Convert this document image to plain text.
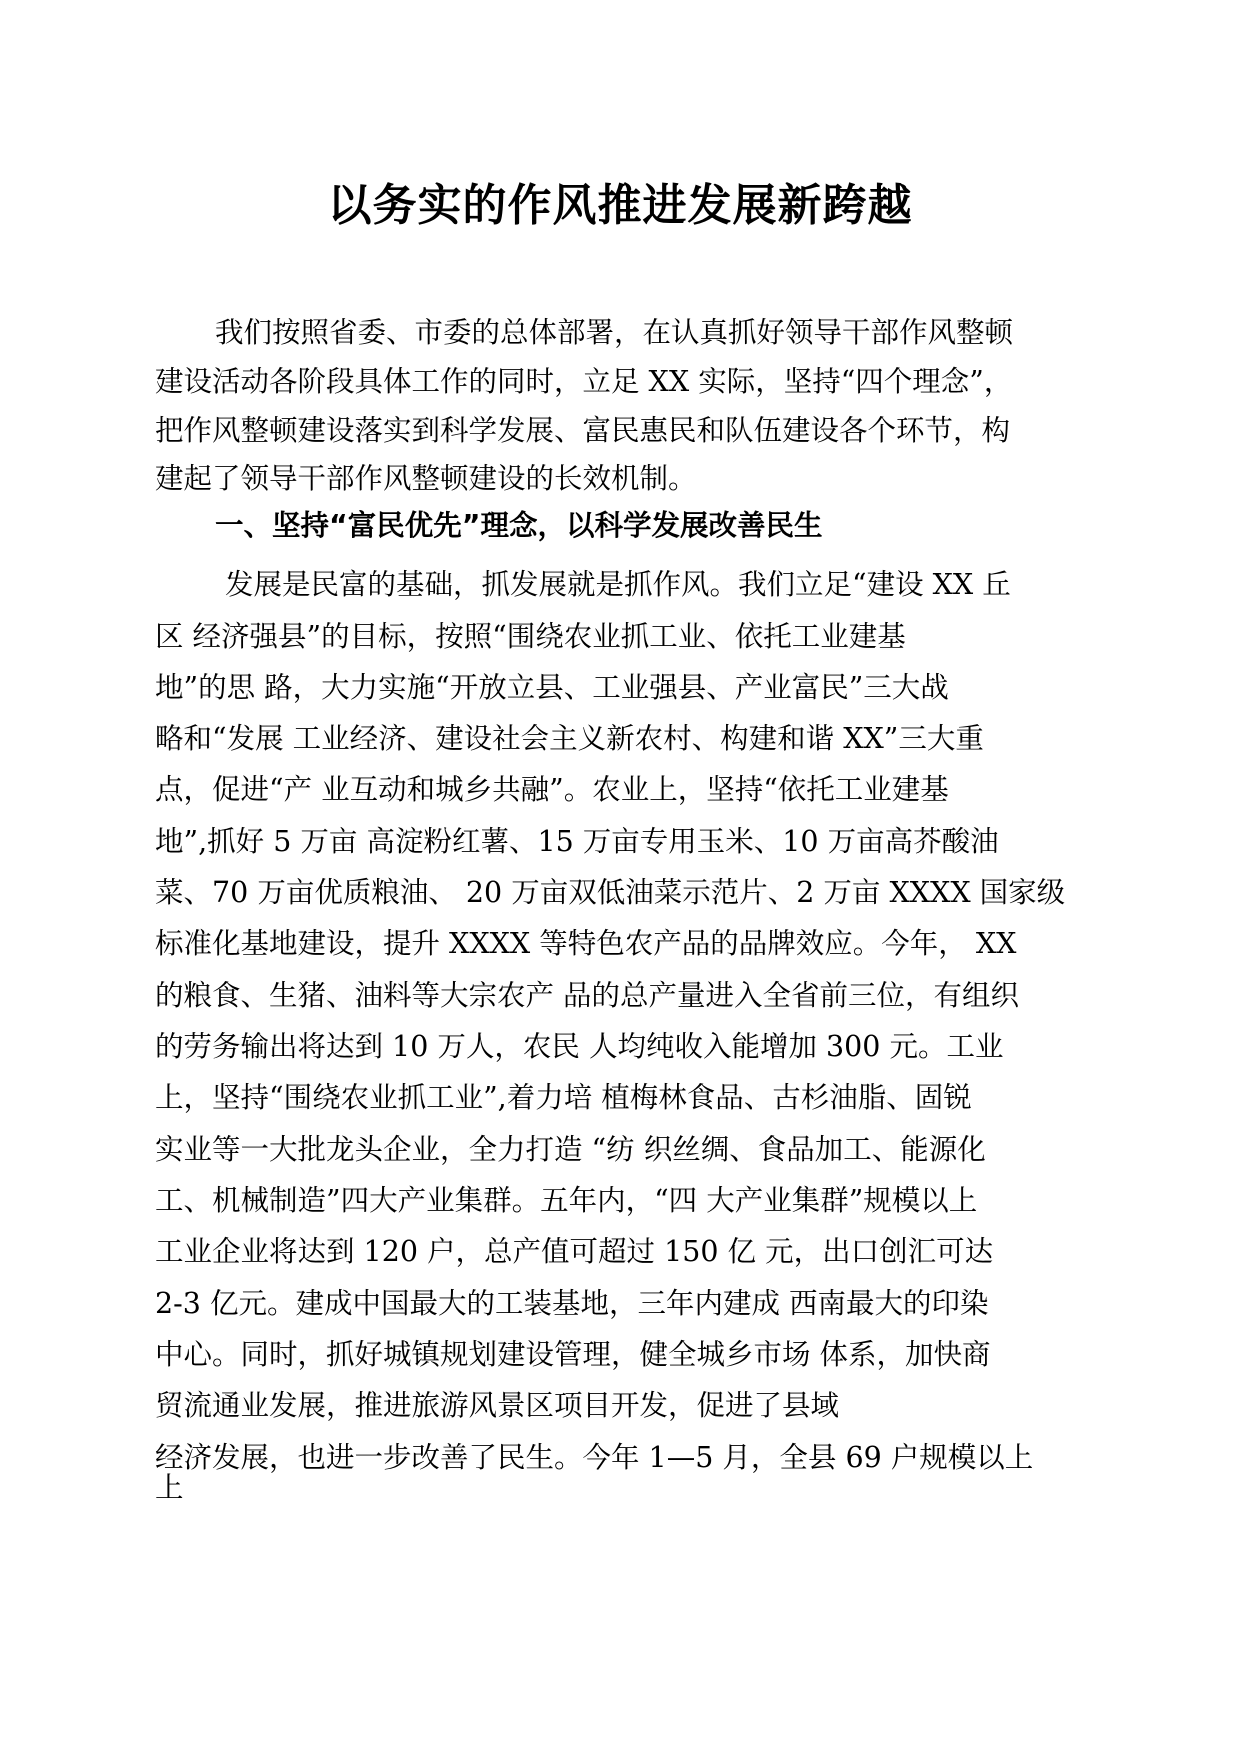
以务实的作风推进发展新跨越
我们按照省委、市委的总体部署，在认真抓好领导干部作风整顿
建设活动各阶段具体工作的同时，立足 XX 实际，坚持“四个理念”，
把作风整顿建设落实到科学发展、富民惠民和队伍建设各个环节，构
建起了领导干部作风整顿建设的长效机制。
一、坚持“富民优先”理念，以科学发展改善民生
发展是民富的基础，抓发展就是抓作风。我们立足“建设 XX 丘
区 经济强县”的目标，按照“围绕农业抓工业、依托工业建基
地”的思 路，大力实施“开放立县、工业强县、产业富民”三大战
略和“发展 工业经济、建设社会主义新农村、构建和谐 XX”三大重
点，促进“产 业互动和城乡共融”。农业上，坚持“依托工业建基
地”,抓好 5 万亩 高淀粉红薯、15 万亩专用玉米、10 万亩高芥酸油
菜、70 万亩优质粮油、 20 万亩双低油菜示范片、2 万亩 XXXX 国家级
标准化基地建设，提升 XXXX 等特色农产品的品牌效应。今年， XX
的粮食、生猪、油料等大宗农产 品的总产量进入全省前三位，有组织
的劳务输出将达到 10 万人，农民 人均纯收入能增加 300 元。工业
上，坚持“围绕农业抓工业”,着力培 植梅林食品、古杉油脂、固锐
实业等一大批龙头企业，全力打造 “纺 织丝绸、食品加工、能源化
工、机械制造”四大产业集群。五年内，“四 大产业集群”规模以上
工业企业将达到 120 户，总产值可超过 150 亿 元，出口创汇可达
2-3 亿元。建成中国最大的工装基地，三年内建成 西南最大的印染
中心。同时，抓好城镇规划建设管理，健全城乡市场 体系，加快商
贸流通业发展，推进旅游风景区项目开发，促进了县域
经济发展，也进一步改善了民生。今年 1—5 月，全县 69 户规模以上
上
